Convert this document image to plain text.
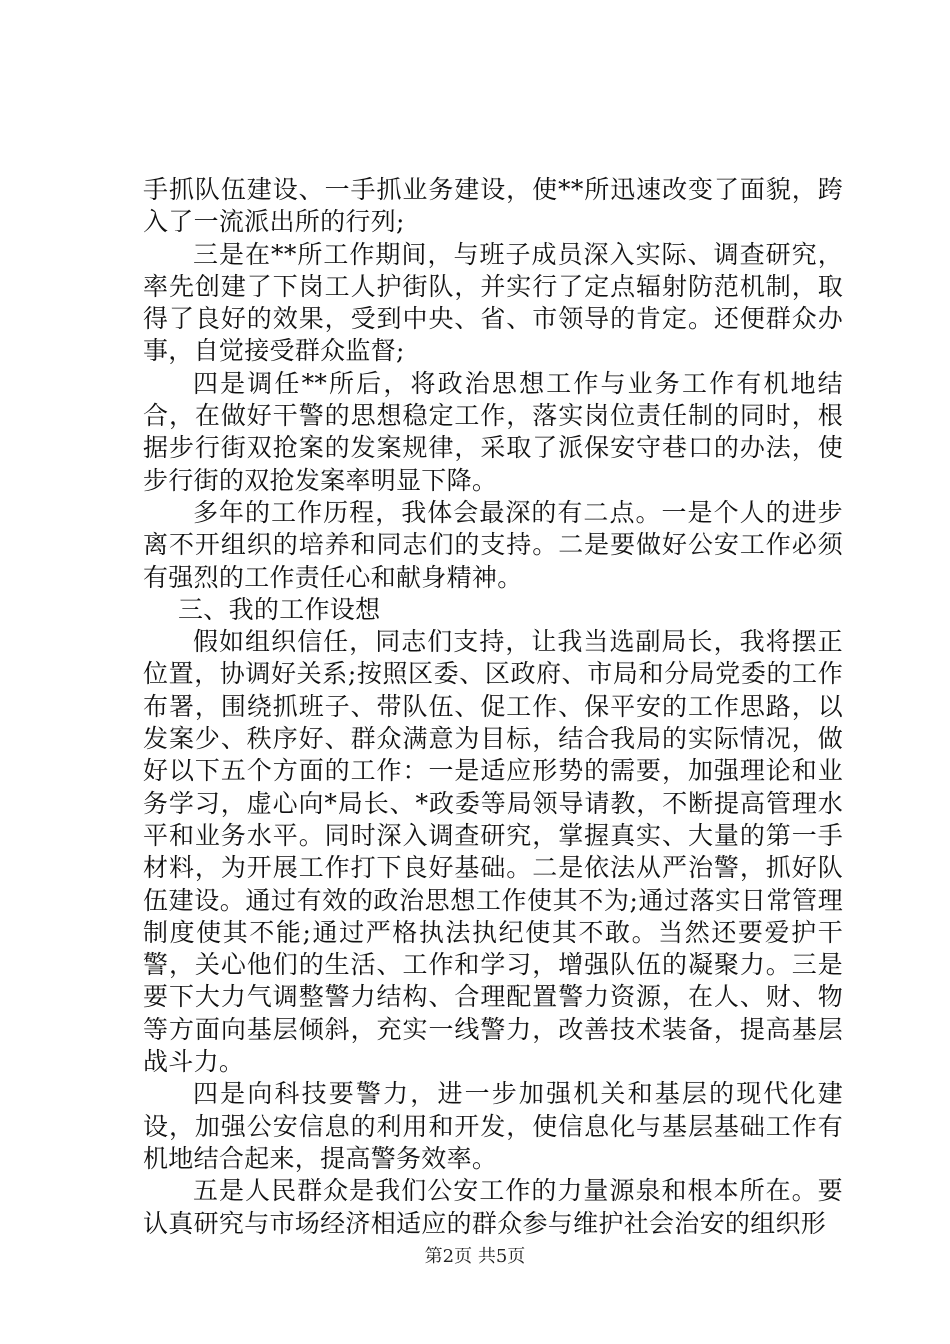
手抓队伍建设、一手抓业务建设，使**所迅速改变了面貌，跨入了一流派出所的行列;

三是在**所工作期间，与班子成员深入实际、调查研究，率先创建了下岗工人护街队，并实行了定点辐射防范机制，取得了良好的效果，受到中央、省、市领导的肯定。还便群众办事，自觉接受群众监督;

四是调任**所后，将政治思想工作与业务工作有机地结合，在做好干警的思想稳定工作，落实岗位责任制的同时，根据步行街双抢案的发案规律，采取了派保安守巷口的办法，使步行街的双抢发案率明显下降。

多年的工作历程，我体会最深的有二点。一是个人的进步离不开组织的培养和同志们的支持。二是要做好公安工作必须有强烈的工作责任心和献身精神。

三、我的工作设想

假如组织信任，同志们支持，让我当选副局长，我将摆正位置，协调好关系;按照区委、区政府、市局和分局党委的工作布署，围绕抓班子、带队伍、促工作、保平安的工作思路，以发案少、秩序好、群众满意为目标，结合我局的实际情况，做好以下五个方面的工作：一是适应形势的需要，加强理论和业务学习，虚心向*局长、*政委等局领导请教，不断提高管理水平和业务水平。同时深入调查研究，掌握真实、大量的第一手材料，为开展工作打下良好基础。二是依法从严治警，抓好队伍建设。通过有效的政治思想工作使其不为;通过落实日常管理制度使其不能;通过严格执法执纪使其不敢。当然还要爱护干警，关心他们的生活、工作和学习，增强队伍的凝聚力。三是要下大力气调整警力结构、合理配置警力资源，在人、财、物等方面向基层倾斜，充实一线警力，改善技术装备，提高基层战斗力。

四是向科技要警力，进一步加强机关和基层的现代化建设，加强公安信息的利用和开发，使信息化与基层基础工作有机地结合起来，提高警务效率。

五是人民群众是我们公安工作的力量源泉和根本所在。要认真研究与市场经济相适应的群众参与维护社会治安的组织形

第2页 共5页
